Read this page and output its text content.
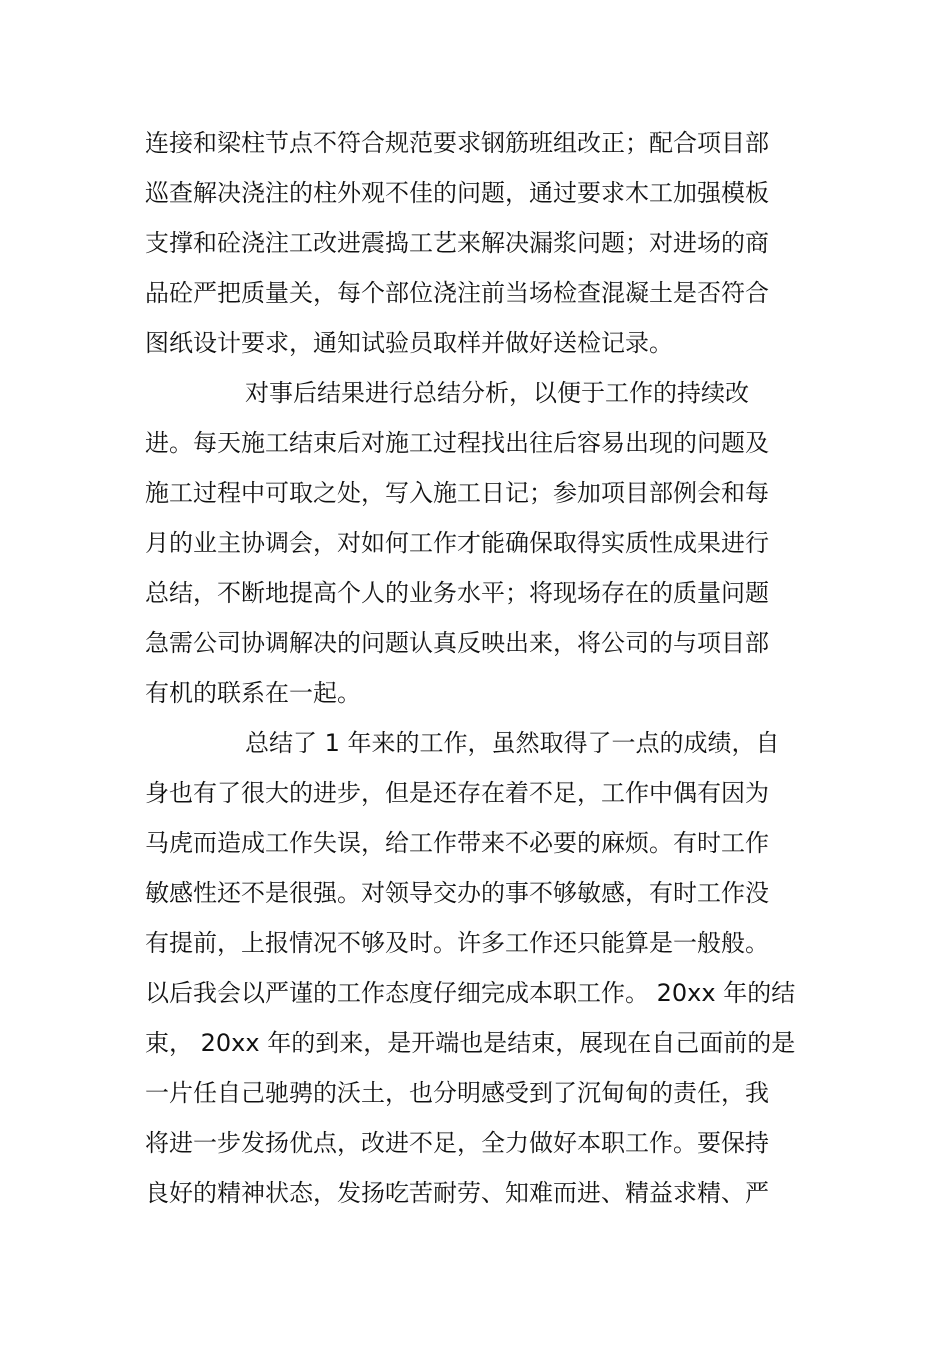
连接和梁柱节点不符合规范要求钢筋班组改正；配合项目部
巡查解决浇注的柱外观不佳的问题，通过要求木工加强模板
支撑和砼浇注工改进震捣工艺来解决漏浆问题；对进场的商
品砼严把质量关，每个部位浇注前当场检查混凝土是否符合
图纸设计要求，通知试验员取样并做好送检记录。
对事后结果进行总结分析，以便于工作的持续改
进。每天施工结束后对施工过程找出往后容易出现的问题及
施工过程中可取之处，写入施工日记；参加项目部例会和每
月的业主协调会，对如何工作才能确保取得实质性成果进行
总结，不断地提高个人的业务水平；将现场存在的质量问题
急需公司协调解决的问题认真反映出来，将公司的与项目部
有机的联系在一起。
总结了 1 年来的工作，虽然取得了一点的成绩，自
身也有了很大的进步，但是还存在着不足，工作中偶有因为
马虎而造成工作失误，给工作带来不必要的麻烦。有时工作
敏感性还不是很强。对领导交办的事不够敏感，有时工作没
有提前，上报情况不够及时。许多工作还只能算是一般般。
以后我会以严谨的工作态度仔细完成本职工作。 20xx 年的结
束， 20xx 年的到来，是开端也是结束，展现在自己面前的是
一片任自己驰骋的沃土，也分明感受到了沉甸甸的责任，我
将进一步发扬优点，改进不足，全力做好本职工作。要保持
良好的精神状态，发扬吃苦耐劳、知难而进、精益求精、严
